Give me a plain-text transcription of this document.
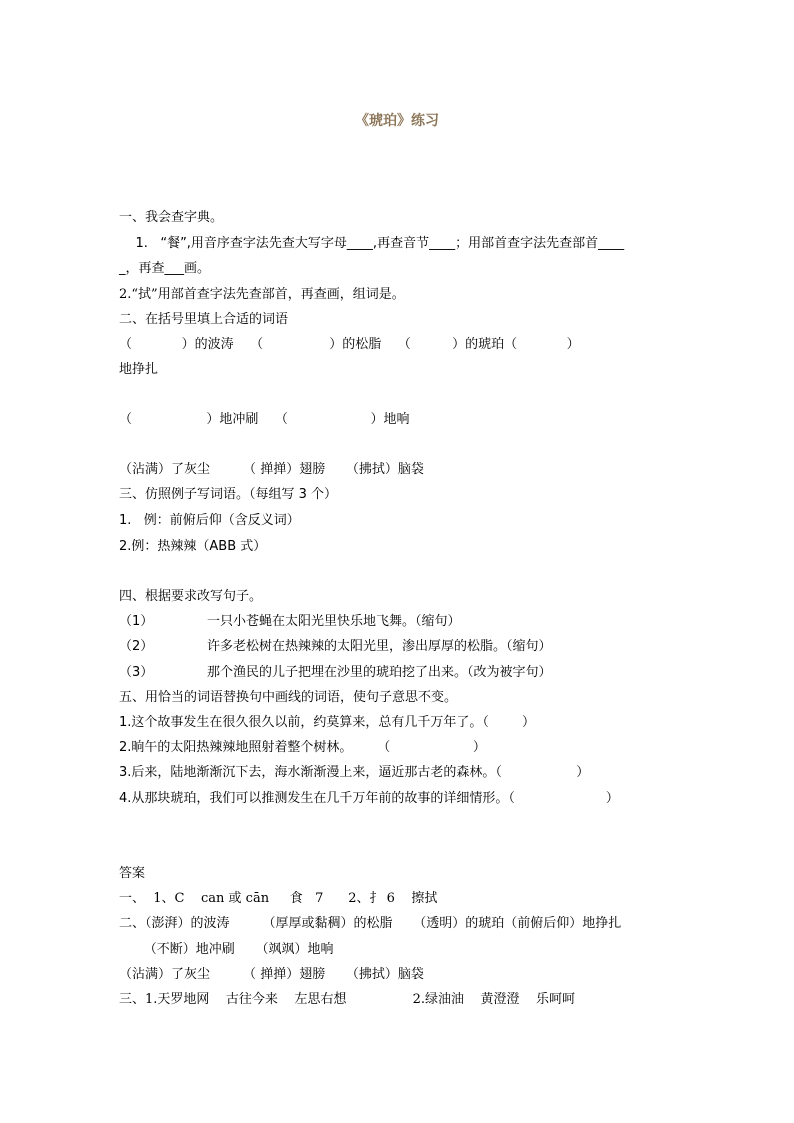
《琥珀》练习
一、我会查字典。
1.   “餐”,用音序查字法先查大写字母____,再查音节____；用部首查字法先查部首____
_，再查___画。
2.“拭”用部首查字法先查部首，再查画，组词是。
二、在括号里填上合适的词语
（            ）的波涛    （                ）的松脂    （          ）的琥珀（            ）
地挣扎
（                  ）地冲刷    （                    ）地响
（沾满）了灰尘        （ 掸掸）翅膀     （拂拭）脑袋
三、仿照例子写词语。（每组写 3 个）
1.   例：前俯后仰（含反义词）
2.例：热辣辣（ABB 式）
四、根据要求改写句子。
（1）             一只小苍蝇在太阳光里快乐地飞舞。（缩句）
（2）             许多老松树在热辣辣的太阳光里，渗出厚厚的松脂。（缩句）
（3）             那个渔民的儿子把埋在沙里的琥珀挖了出来。（改为被字句）
五、用恰当的词语替换句中画线的词语，使句子意思不变。
1.这个故事发生在很久很久以前，约莫算来，总有几千万年了。（        ）
2.晌午的太阳热辣辣地照射着整个树林。      （                    ）
3.后来，陆地渐渐沉下去，海水渐渐漫上来，逼近那古老的森林。（                  ）
4.从那块琥珀，我们可以推测发生在几千万年前的故事的详细情形。（                      ）
答案
一、  1、C    can 或 cān     食   7      2、扌 6    擦拭
二、（澎湃）的波涛        （厚厚或黏稠）的松脂     （透明）的琥珀（前俯后仰）地挣扎
（不断）地冲刷     （飒飒）地响
（沾满）了灰尘        （ 掸掸）翅膀     （拂拭）脑袋
三、1.天罗地网    古往今来    左思右想                2.绿油油    黄澄澄    乐呵呵
